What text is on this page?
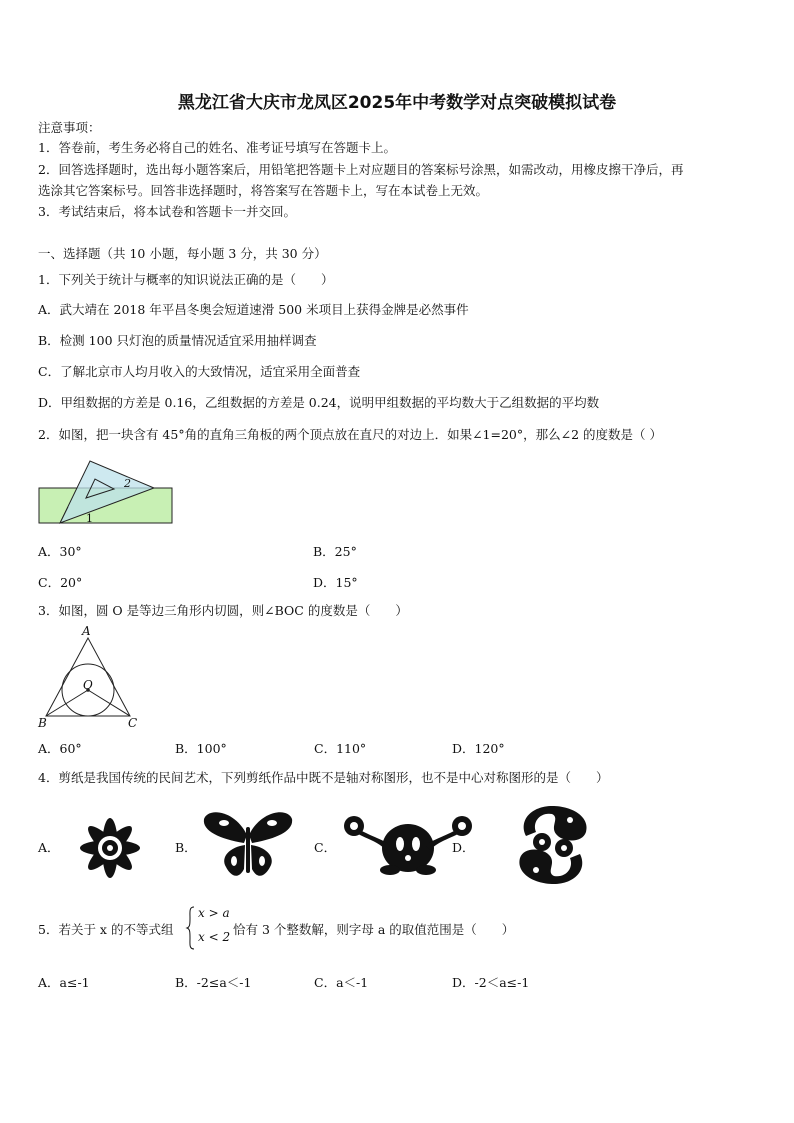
黑龙江省大庆市龙凤区2025年中考数学对点突破模拟试卷
注意事项：
1．答卷前，考生务必将自己的姓名、准考证号填写在答题卡上。
2．回答选择题时，选出每小题答案后，用铅笔把答题卡上对应题目的答案标号涂黑，如需改动，用橡皮擦干净后，再
选涂其它答案标号。回答非选择题时，将答案写在答题卡上，写在本试卷上无效。
3．考试结束后，将本试卷和答题卡一并交回。
一、选择题（共 10 小题，每小题 3 分，共 30 分）
1．下列关于统计与概率的知识说法正确的是（　　）
A．武大靖在 2018 年平昌冬奥会短道速滑 500 米项目上获得金牌是必然事件
B．检测 100 只灯泡的质量情况适宜采用抽样调查
C．了解北京市人均月收入的大致情况，适宜采用全面普查
D．甲组数据的方差是 0.16，乙组数据的方差是 0.24，说明甲组数据的平均数大于乙组数据的平均数
2．如图，把一块含有 45°角的直角三角板的两个顶点放在直尺的对边上．如果∠1=20°，那么∠2 的度数是（ ）
2
1
A．30°	B．25°
C．20°	D．15°
3．如图，圆 O 是等边三角形内切圆，则∠BOC 的度数是（　　）
A
O
B	C
A．60°	B．100°	C．110°	D．120°
4．剪纸是我国传统的民间艺术，下列剪纸作品中既不是轴对称图形，也不是中心对称图形的是（　　）
A．	B．	C．	D．
5．若关于 x 的不等式组
x > a
x < 2 恰有 3 个整数解，则字母 a 的取值范围是（　　）
A．a≤-1	B．-2≤a＜-1	C．a＜-1	D．-2＜a≤-1
